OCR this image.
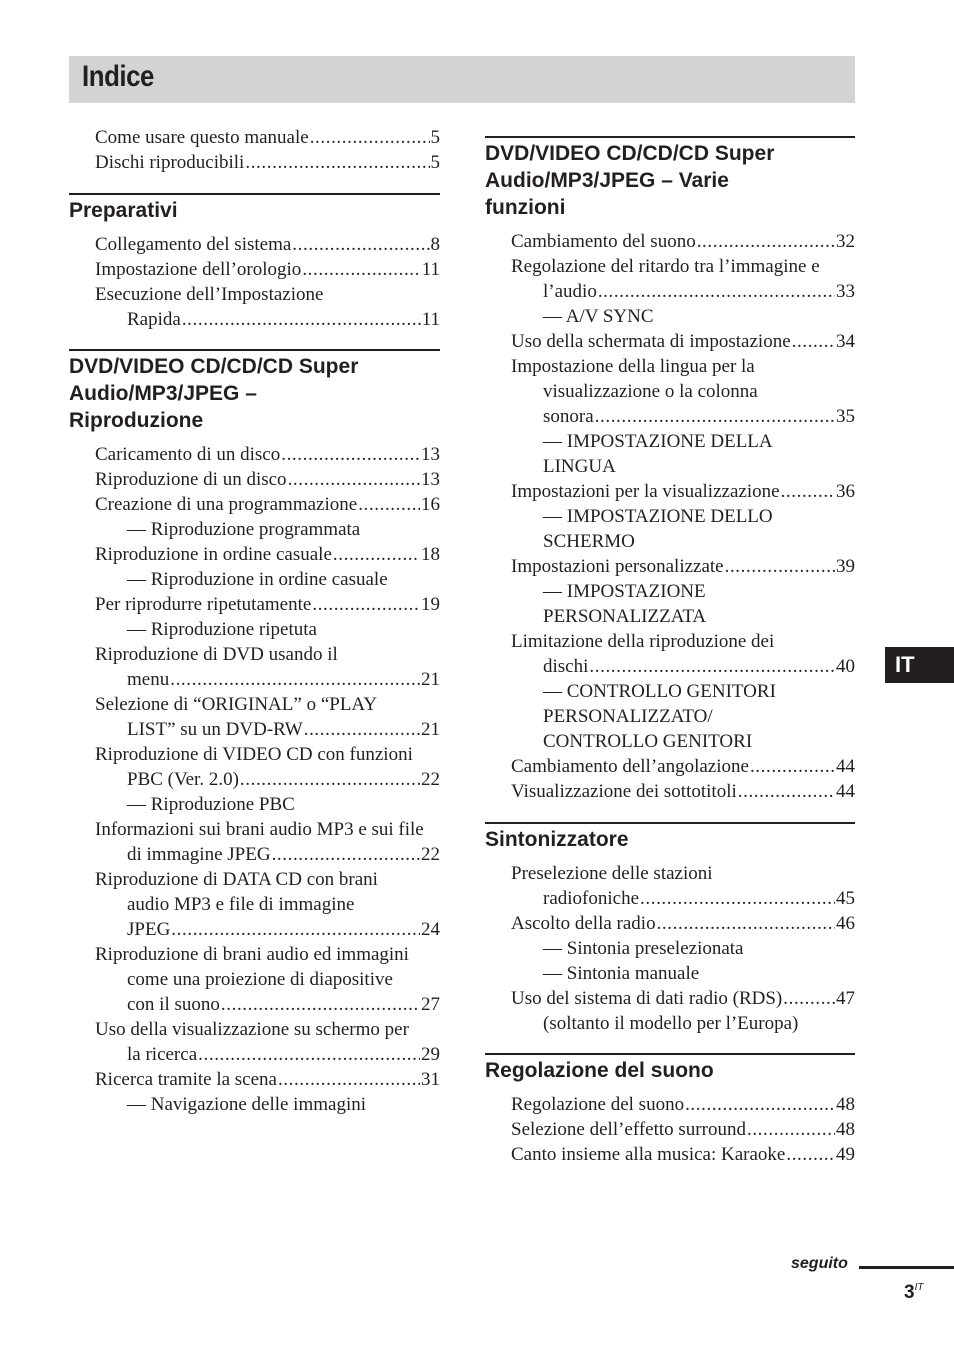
Indice
Come usare questo manuale .....	5
Dischi riproducibili .....	5
Preparativi
Collegamento del sistema .....	8
Impostazione dell’orologio .....	11
Esecuzione dell’Impostazione
Rapida .....	11
DVD/VIDEO CD/CD/CD Super
Audio/MP3/JPEG –
Riproduzione
Caricamento di un disco .....	13
Riproduzione di un disco .....	13
Creazione di una programmazione .....	16
— Riproduzione programmata
Riproduzione in ordine casuale .....	18
— Riproduzione in ordine casuale
Per riprodurre ripetutamente .....	19
— Riproduzione ripetuta
Riproduzione di DVD usando il
menu .....	21
Selezione di “ORIGINAL” o “PLAY
LIST” su un DVD-RW .....	21
Riproduzione di VIDEO CD con funzioni
PBC (Ver. 2.0) .....	22
— Riproduzione PBC
Informazioni sui brani audio MP3 e sui file
di immagine JPEG .....	22
Riproduzione di DATA CD con brani
audio MP3 e file di immagine
JPEG .....	24
Riproduzione di brani audio ed immagini
come una proiezione di diapositive
con il suono .....	27
Uso della visualizzazione su schermo per
la ricerca .....	29
Ricerca tramite la scena .....	31
— Navigazione delle immagini
DVD/VIDEO CD/CD/CD Super
Audio/MP3/JPEG – Varie
funzioni
Cambiamento del suono .....	32
Regolazione del ritardo tra l’immagine e
l’audio .....	33
— A/V SYNC
Uso della schermata di impostazione ..... 34
Impostazione della lingua per la
visualizzazione o la colonna
sonora .....	35
— IMPOSTAZIONE DELLA
LINGUA
Impostazioni per la visualizzazione .....	36
— IMPOSTAZIONE DELLO
SCHERMO
Impostazioni personalizzate .....	39
— IMPOSTAZIONE
PERSONALIZZATA
Limitazione della riproduzione dei
dischi .....	40
— CONTROLLO GENITORI
PERSONALIZZATO/
CONTROLLO GENITORI
Cambiamento dell’angolazione .....	44
Visualizzazione dei sottotitoli .....	44
Sintonizzatore
Preselezione delle stazioni
radiofoniche .....	45
Ascolto della radio .....	46
— Sintonia preselezionata
— Sintonia manuale
Uso del sistema di dati radio (RDS) .....	47
(soltanto il modello per l’Europa)
Regolazione del suono
Regolazione del suono .....	48
Selezione dell’effetto surround .....	48
Canto insieme alla musica: Karaoke .....	49
IT
seguito
$3^{IT}$
